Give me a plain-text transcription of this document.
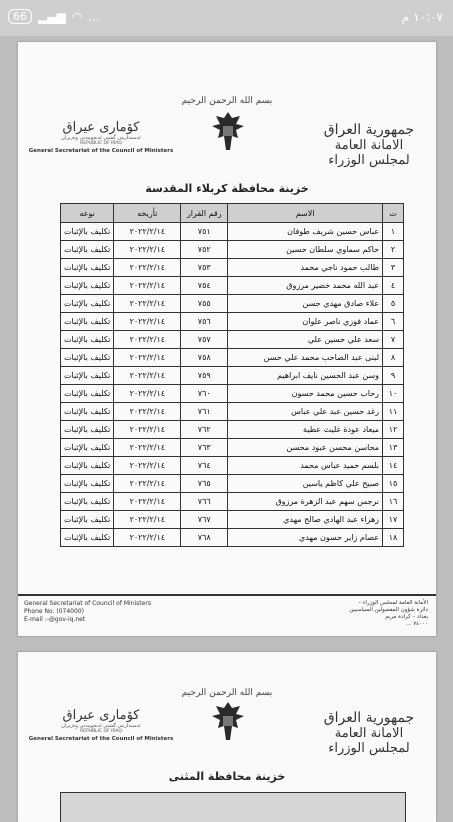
66 ▂▄▆ ◠ ...	١٠:٠٧ م
بسم الله الرحمن الرحيم
كۆمارى عيراق
ئه‌مینداریتی گشتی ئه‌نجومه‌نی وه‌زیران
REPUBLIC OF IRAQ
General Secretariat of the Council of Ministers
جمهورية العراق
الامانة العامة لمجلس الوزراء
خزينة محافظة كربلاء المقدسة
ت	الاسم	رقم القرار	تأريخه	نوعه
١	عباس حسين شريف طوفان	٧٥١	٢٠٢٢/٢/١٤	تكليف بالإثبات
٢	حاكم سماوي سلطان حسين	٧٥٢	٢٠٢٢/٢/١٤	تكليف بالإثبات
٣	طالب حمود ناجي محمد	٧٥٣	٢٠٢٢/٢/١٤	تكليف بالإثبات
٤	عبد الله محمد خضير مرزوق	٧٥٤	٢٠٢٢/٢/١٤	تكليف بالإثبات
٥	علاء صادق مهدي حسن	٧٥٥	٢٠٢٢/٢/١٤	تكليف بالإثبات
٦	عماد فوزي ناصر علوان	٧٥٦	٢٠٢٢/٢/١٤	تكليف بالإثبات
٧	سعد علي حسين علي	٧٥٧	٢٠٢٢/٢/١٤	تكليف بالإثبات
٨	لبنى عبد الصاحب محمد علي حسن	٧٥٨	٢٠٢٢/٢/١٤	تكليف بالإثبات
٩	وسن عبد الحسين نايف ابراهيم	٧٥٩	٢٠٢٢/٢/١٤	تكليف بالإثبات
١٠	رحاب حسين محمد حسون	٧٦٠	٢٠٢٢/٢/١٤	تكليف بالإثبات
١١	رغد حسين عبد علي عباس	٧٦١	٢٠٢٢/٢/١٤	تكليف بالإثبات
١٢	ميعاد عودة غليث عطية	٧٦٢	٢٠٢٢/٢/١٤	تكليف بالإثبات
١٣	محاسن محسن عبود محسن	٧٦٣	٢٠٢٢/٢/١٤	تكليف بالإثبات
١٤	بلسم حميد عباس محمد	٧٦٤	٢٠٢٢/٢/١٤	تكليف بالإثبات
١٥	صبيح علي كاظم ياسين	٧٦٥	٢٠٢٢/٢/١٤	تكليف بالإثبات
١٦	نرجس سهم عبد الزهرة مرزوق	٧٦٦	٢٠٢٢/٢/١٤	تكليف بالإثبات
١٧	زهراء عبد الهادي صالح مهدي	٧٦٧	٢٠٢٢/٢/١٤	تكليف بالإثبات
١٨	عصام زاير حسون مهدي	٧٦٨	٢٠٢٢/٢/١٤	تكليف بالإثبات
General Secretariat of Council of Ministers
Phone No. (074000)
E-mail :-@gov-iq.net
الأمانة العامة لمجلس الوزراء –
دائرة شؤون المفصولين السياسيين
بغداد – كرادة مريم
٧٤٠٠٠ ...
بسم الله الرحمن الرحيم
كۆمارى عيراق
ئه‌مینداریتی گشتی ئه‌نجومه‌نی وه‌زیران
REPUBLIC OF IRAQ
General Secretariat of the Council of Ministers
جمهورية العراق
الامانة العامة لمجلس الوزراء
خزينة محافظة المثنى
